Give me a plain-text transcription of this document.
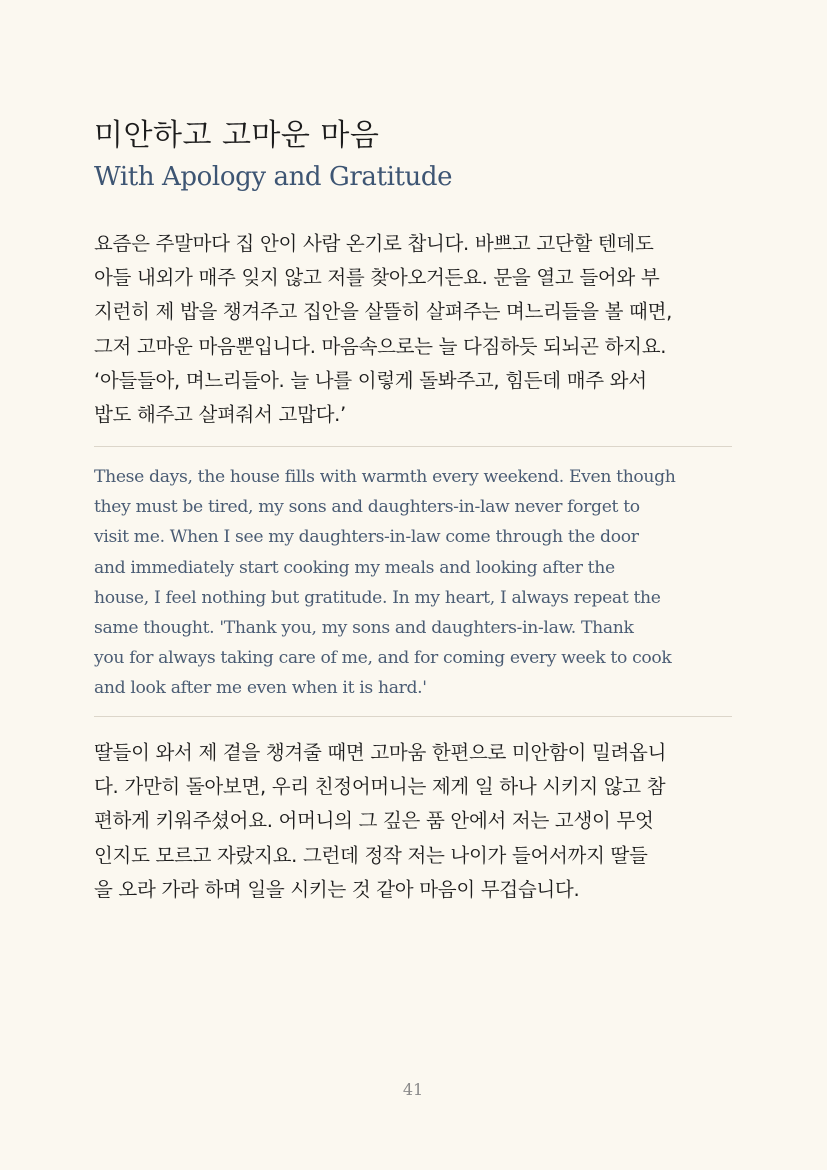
미안하고 고마운 마음
With Apology and Gratitude

요즘은 주말마다 집 안이 사람 온기로 찹니다. 바쁘고 고단할 텐데도
아들 내외가 매주 잊지 않고 저를 찾아오거든요. 문을 열고 들어와 부
지런히 제 밥을 챙겨주고 집안을 살뜰히 살펴주는 며느리들을 볼 때면,
그저 고마운 마음뿐입니다. 마음속으로는 늘 다짐하듯 되뇌곤 하지요.
‘아들들아, 며느리들아. 늘 나를 이렇게 돌봐주고, 힘든데 매주 와서
밥도 해주고 살펴줘서 고맙다.’

These days, the house fills with warmth every weekend. Even though
they must be tired, my sons and daughters-in-law never forget to
visit me. When I see my daughters-in-law come through the door
and immediately start cooking my meals and looking after the
house, I feel nothing but gratitude. In my heart, I always repeat the
same thought. 'Thank you, my sons and daughters-in-law. Thank
you for always taking care of me, and for coming every week to cook
and look after me even when it is hard.'

딸들이 와서 제 곁을 챙겨줄 때면 고마움 한편으로 미안함이 밀려옵니
다. 가만히 돌아보면, 우리 친정어머니는 제게 일 하나 시키지 않고 참
편하게 키워주셨어요. 어머니의 그 깊은 품 안에서 저는 고생이 무엇
인지도 모르고 자랐지요. 그런데 정작 저는 나이가 들어서까지 딸들
을 오라 가라 하며 일을 시키는 것 같아 마음이 무겁습니다.

41
